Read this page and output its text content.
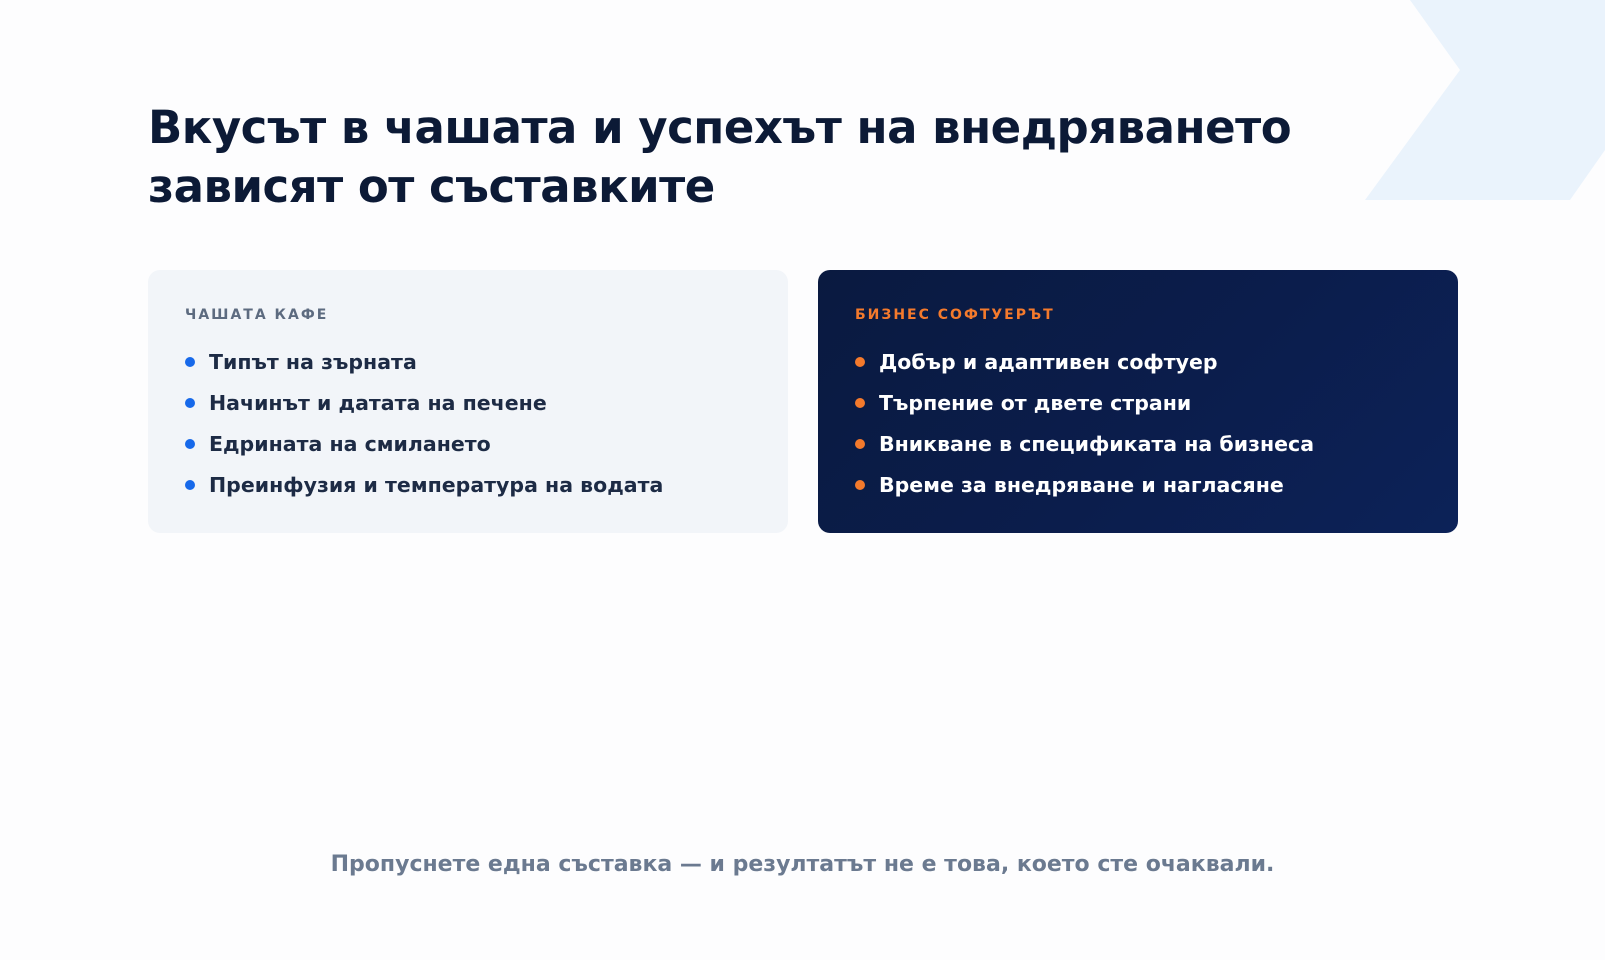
Вкусът в чашата и успехът на внедряването зависят от съставките
ЧАШАТА КАФЕ
Типът на зърната
Начинът и датата на печене
Едрината на смилането
Преинфузия и температура на водата
БИЗНЕС СОФТУЕРЪТ
Добър и адаптивен софтуер
Търпение от двете страни
Вникване в спецификата на бизнеса
Време за внедряване и нагласяне

Пропуснете една съставка — и резултатът не е това, което сте очаквали.
